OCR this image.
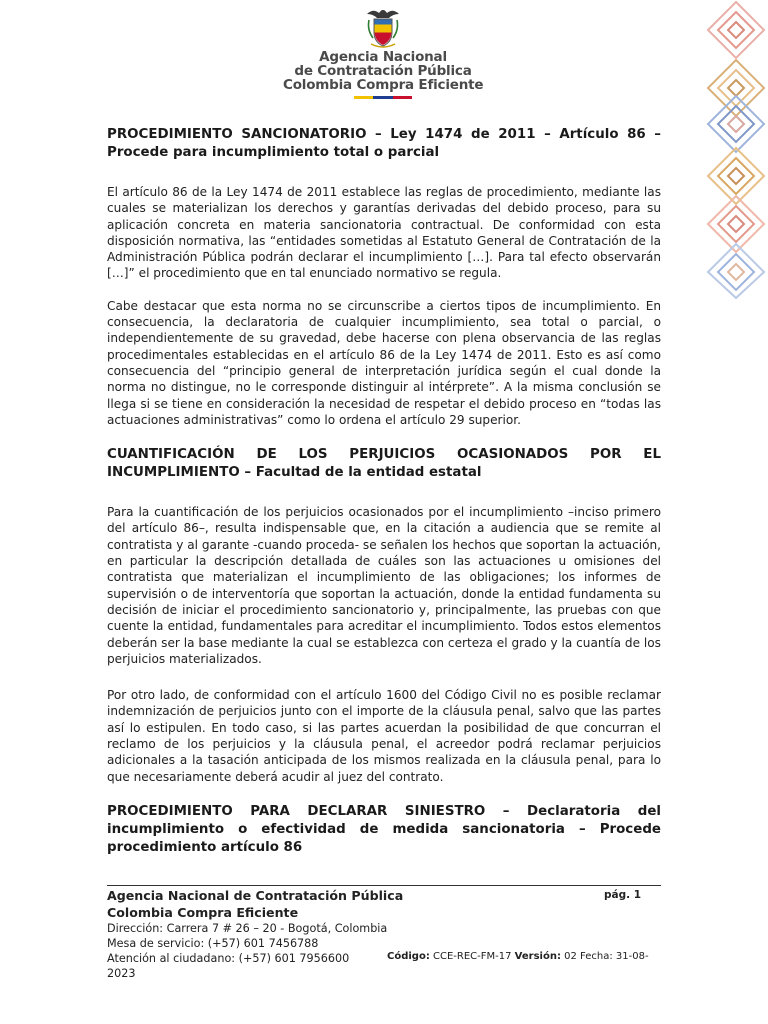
Agencia Nacional
de Contratación Pública
Colombia Compra Eficiente

PROCEDIMIENTO SANCIONATORIO – Ley 1474 de 2011 – Artículo 86 – Procede para incumplimiento total o parcial

El artículo 86 de la Ley 1474 de 2011 establece las reglas de procedimiento, mediante las cuales se materializan los derechos y garantías derivadas del debido proceso, para su aplicación concreta en materia sancionatoria contractual. De conformidad con esta disposición normativa, las “entidades sometidas al Estatuto General de Contratación de la Administración Pública podrán declarar el incumplimiento […]. Para tal efecto observarán […]” el procedimiento que en tal enunciado normativo se regula.

Cabe destacar que esta norma no se circunscribe a ciertos tipos de incumplimiento. En consecuencia, la declaratoria de cualquier incumplimiento, sea total o parcial, o independientemente de su gravedad, debe hacerse con plena observancia de las reglas procedimentales establecidas en el artículo 86 de la Ley 1474 de 2011. Esto es así como consecuencia del “principio general de interpretación jurídica según el cual donde la norma no distingue, no le corresponde distinguir al intérprete”. A la misma conclusión se llega si se tiene en consideración la necesidad de respetar el debido proceso en “todas las actuaciones administrativas” como lo ordena el artículo 29 superior.

CUANTIFICACIÓN DE LOS PERJUICIOS OCASIONADOS POR EL INCUMPLIMIENTO – Facultad de la entidad estatal

Para la cuantificación de los perjuicios ocasionados por el incumplimiento –inciso primero del artículo 86–, resulta indispensable que, en la citación a audiencia que se remite al contratista y al garante -cuando proceda- se señalen los hechos que soportan la actuación, en particular la descripción detallada de cuáles son las actuaciones u omisiones del contratista que materializan el incumplimiento de las obligaciones; los informes de supervisión o de interventoría que soportan la actuación, donde la entidad fundamenta su decisión de iniciar el procedimiento sancionatorio y, principalmente, las pruebas con que cuente la entidad, fundamentales para acreditar el incumplimiento. Todos estos elementos deberán ser la base mediante la cual se establezca con certeza el grado y la cuantía de los perjuicios materializados.

Por otro lado, de conformidad con el artículo 1600 del Código Civil no es posible reclamar indemnización de perjuicios junto con el importe de la cláusula penal, salvo que las partes así lo estipulen. En todo caso, si las partes acuerdan la posibilidad de que concurran el reclamo de los perjuicios y la cláusula penal, el acreedor podrá reclamar perjuicios adicionales a la tasación anticipada de los mismos realizada en la cláusula penal, para lo que necesariamente deberá acudir al juez del contrato.

PROCEDIMIENTO PARA DECLARAR SINIESTRO – Declaratoria del incumplimiento o efectividad de medida sancionatoria – Procede procedimiento artículo 86

Agencia Nacional de Contratación Pública

Colombia Compra Eficiente

Dirección: Carrera 7 # 26 – 20 - Bogotá, Colombia

Mesa de servicio: (+57) 601 7456788

Atención al ciudadano: (+57) 601 7956600

2023

pág. 1
Código: CCE-REC-FM-17 Versión: 02 Fecha: 31-08-
